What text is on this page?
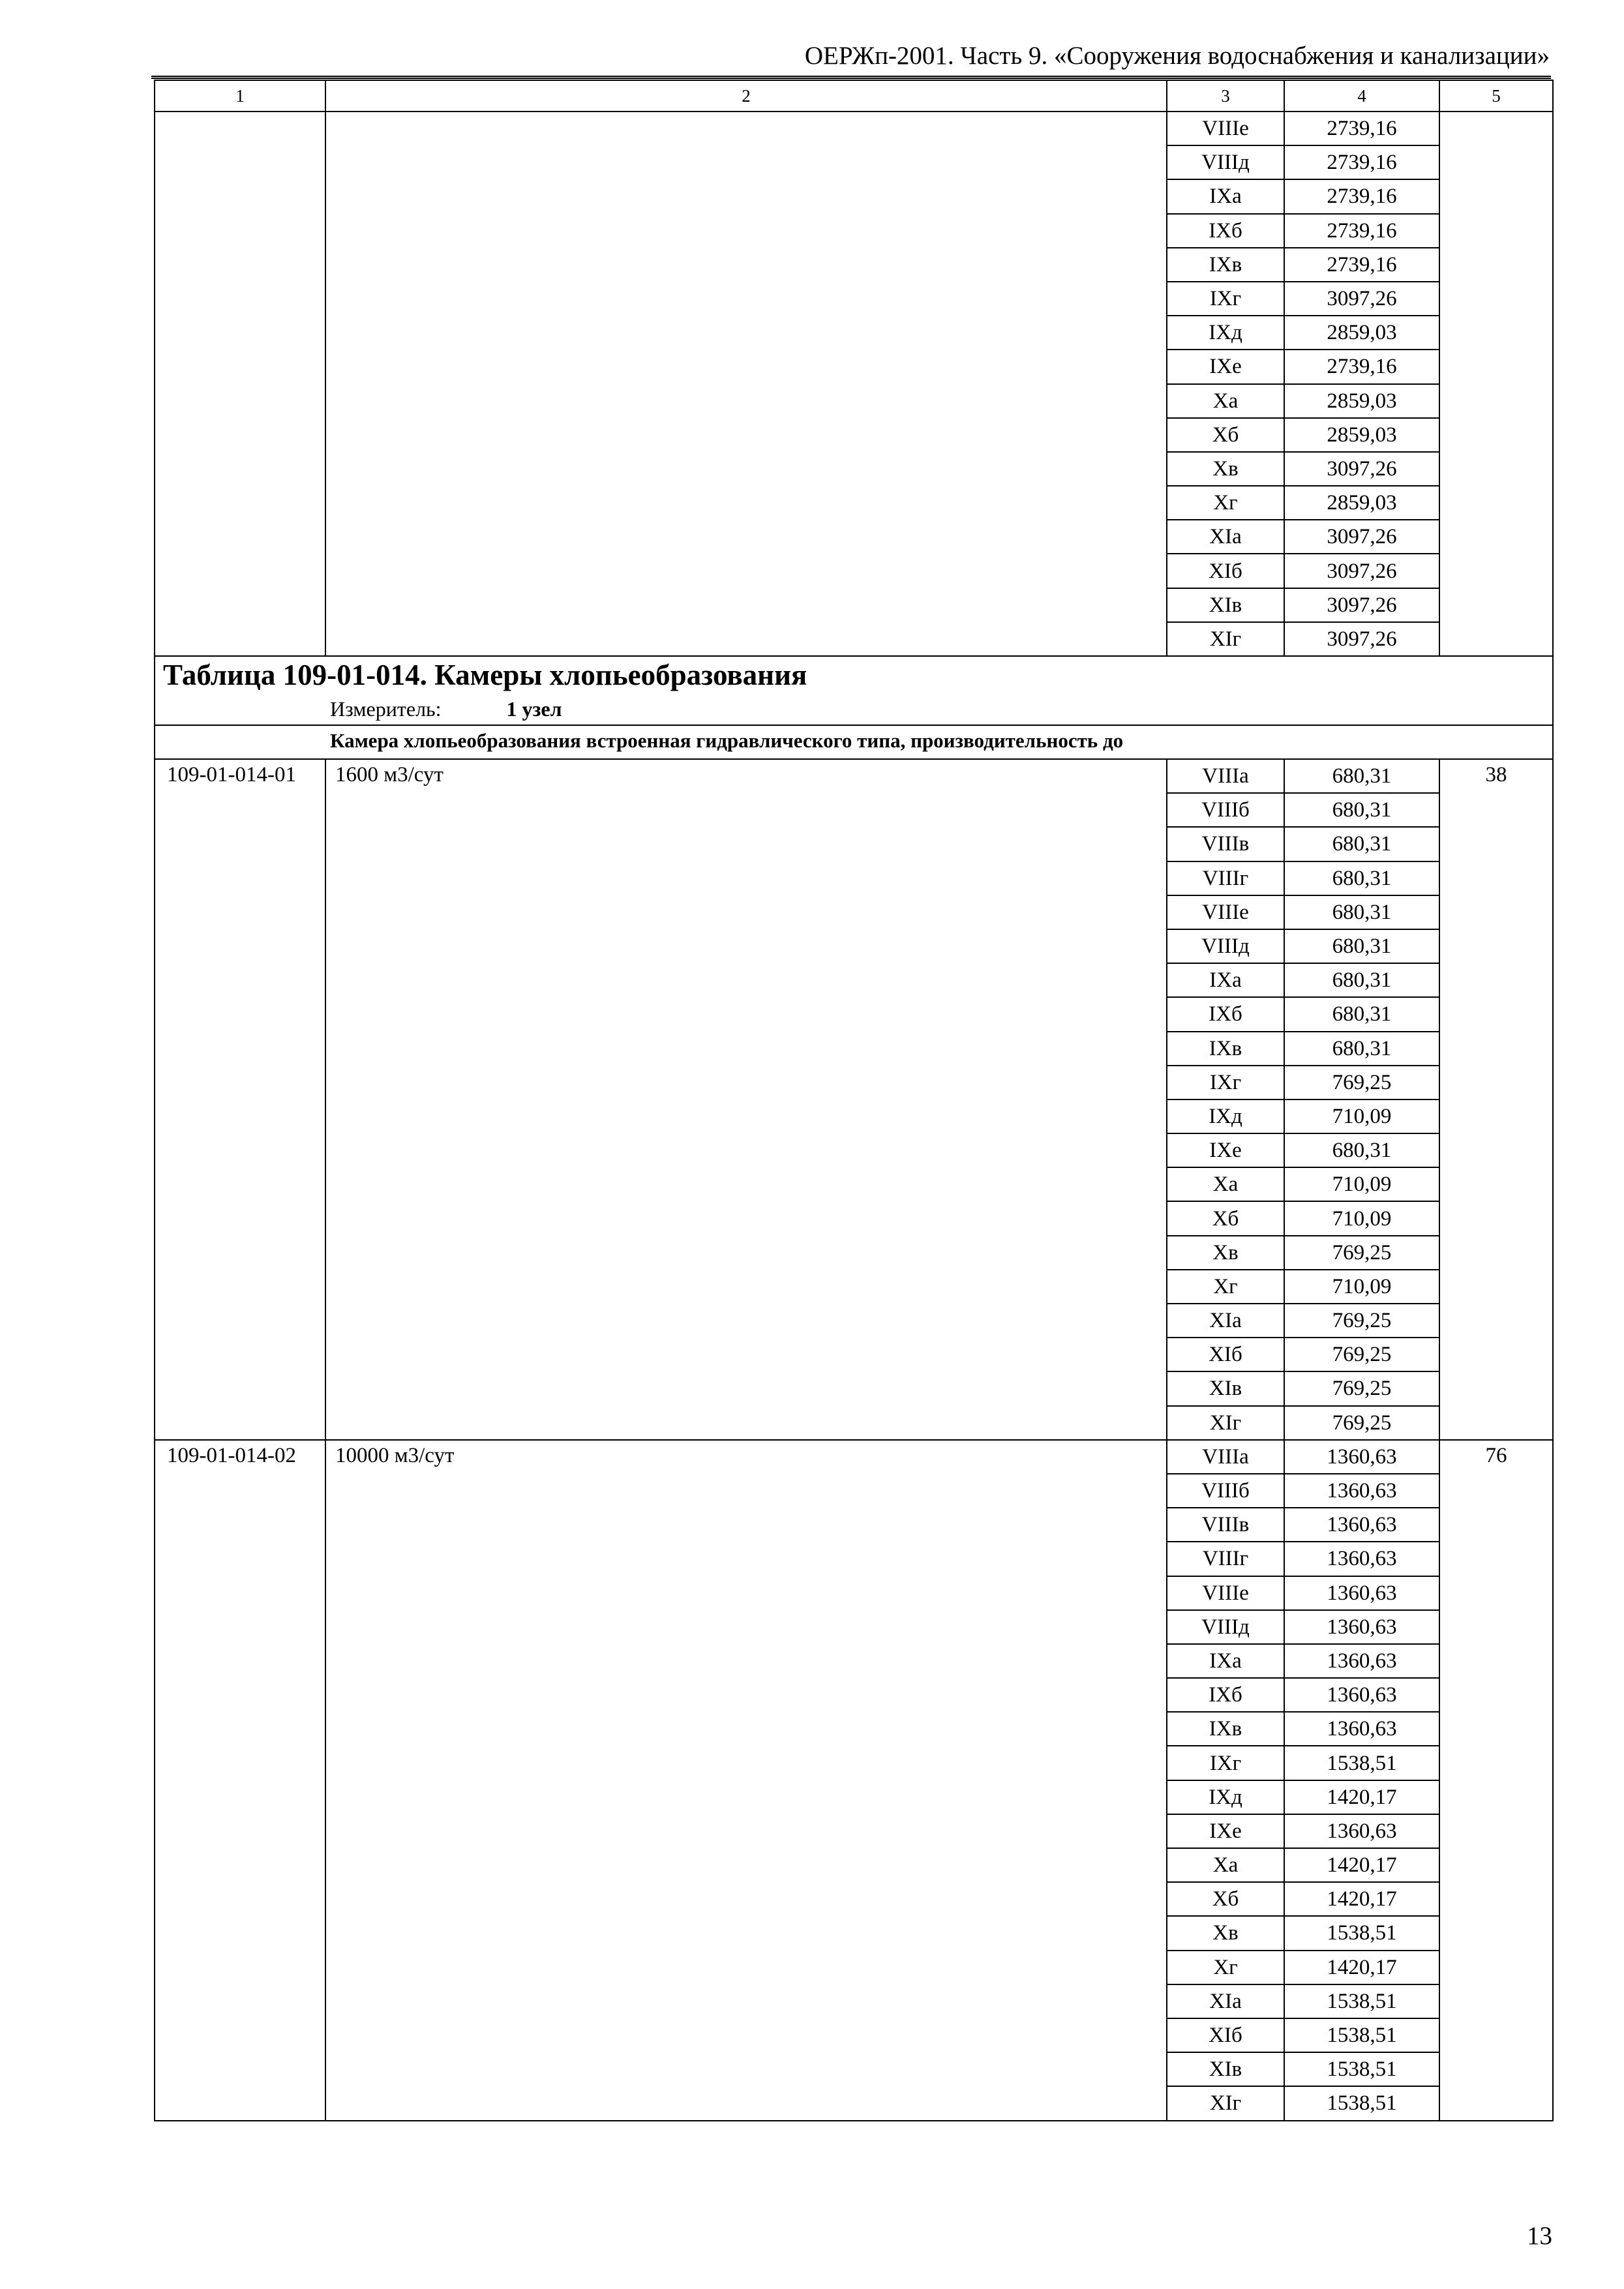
ОЕРЖп-2001. Часть 9. «Сооружения водоснабжения и канализации»
1	2	3	4	5
		VIIIе	2739,16	
		VIIIд	2739,16	
		IXа	2739,16	
		IXб	2739,16	
		IXв	2739,16	
		IXг	3097,26	
		IXд	2859,03	
		IXе	2739,16	
		Xа	2859,03	
		Xб	2859,03	
		Xв	3097,26	
		Xг	2859,03	
		XIа	3097,26	
		XIб	3097,26	
		XIв	3097,26	
		XIг	3097,26	
Таблица 109-01-014. Камеры хлопьеобразования				
Измеритель: 1 узел				
Камера хлопьеобразования встроенная гидравлического типа, производительность до				
109-01-014-01	1600 м3/сут	VIIIа	680,31	38
		VIIIб	680,31	
		VIIIв	680,31	
		VIIIг	680,31	
		VIIIе	680,31	
		VIIIд	680,31	
		IXа	680,31	
		IXб	680,31	
		IXв	680,31	
		IXг	769,25	
		IXд	710,09	
		IXе	680,31	
		Xа	710,09	
		Xб	710,09	
		Xв	769,25	
		Xг	710,09	
		XIа	769,25	
		XIб	769,25	
		XIв	769,25	
		XIг	769,25	
109-01-014-02	10000 м3/сут	VIIIа	1360,63	76
		VIIIб	1360,63	
		VIIIв	1360,63	
		VIIIг	1360,63	
		VIIIе	1360,63	
		VIIIд	1360,63	
		IXа	1360,63	
		IXб	1360,63	
		IXв	1360,63	
		IXг	1538,51	
		IXд	1420,17	
		IXе	1360,63	
		Xа	1420,17	
		Xб	1420,17	
		Xв	1538,51	
		Xг	1420,17	
		XIа	1538,51	
		XIб	1538,51	
		XIв	1538,51	
		XIг	1538,51	
13
